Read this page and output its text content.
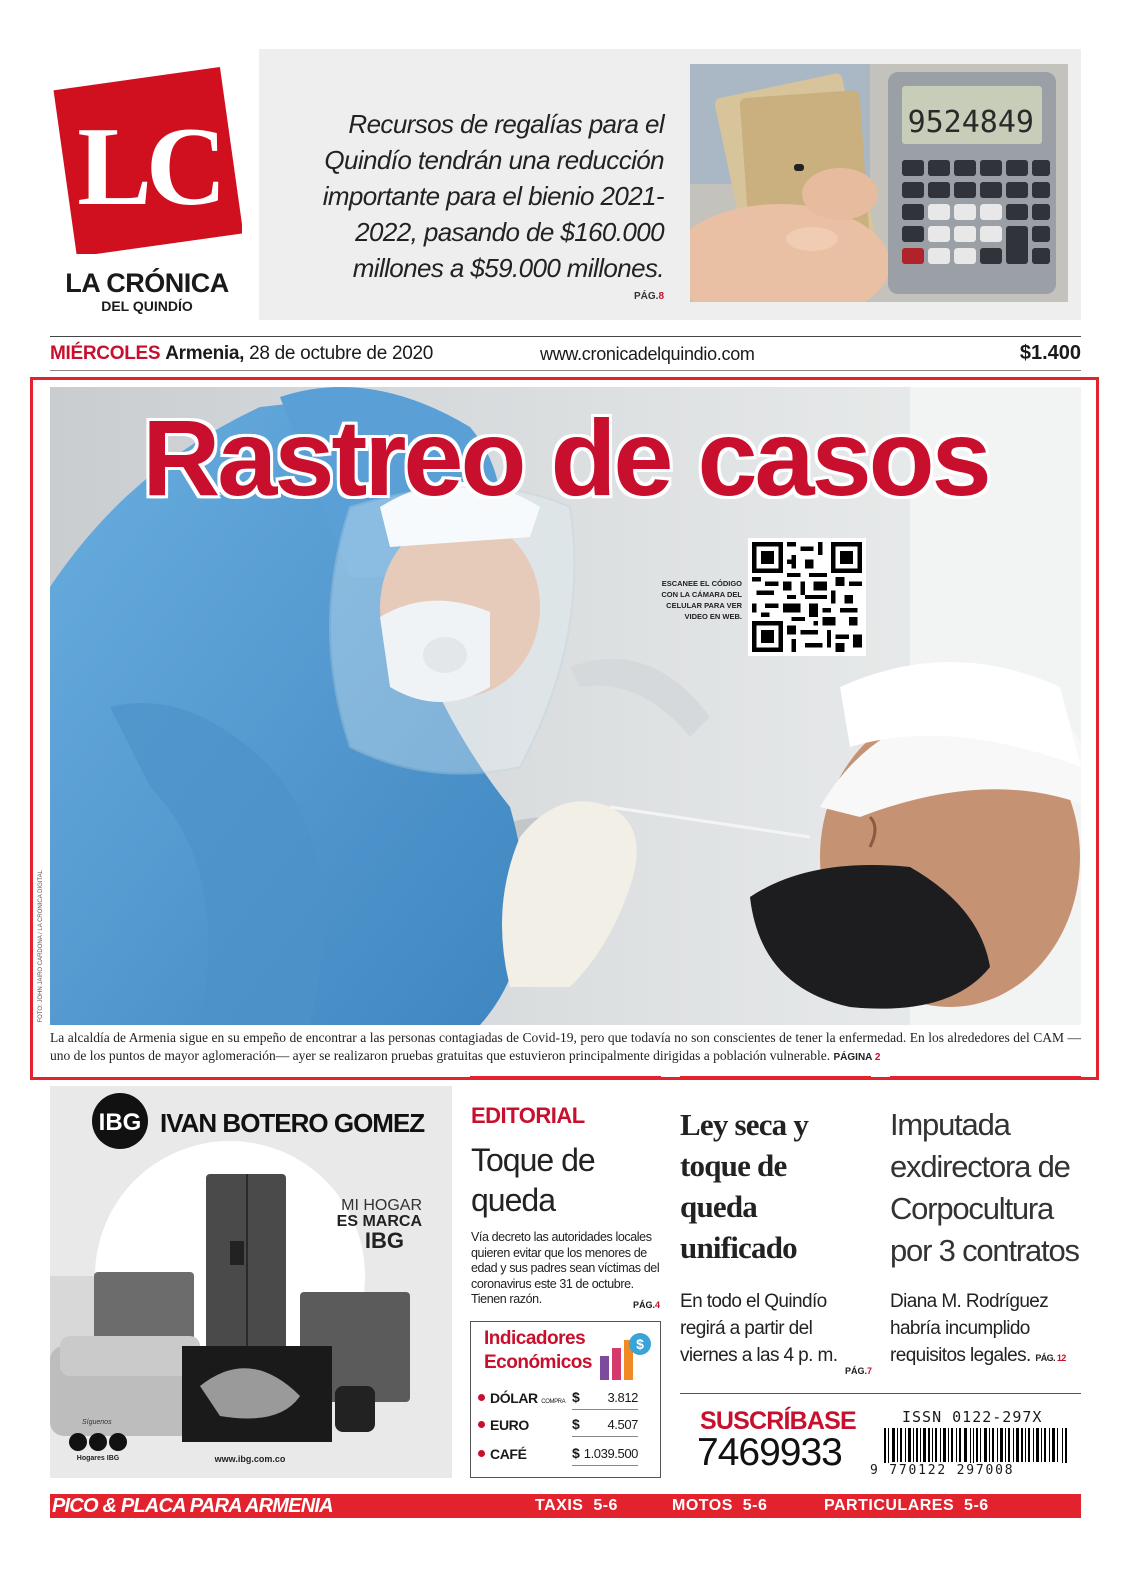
LC
LA CRÓNICA
DEL QUINDÍO
Recursos de regalías para el Quindío tendrán una reducción importante para el bienio 2021-2022, pasando de $160.000 millones a $59.000 millones.
PÁG.8
9524849
MIÉRCOLES Armenia, 28 de octubre de 2020	www.cronicadelquindio.com	$1.400
Rastreo de casos
ESCANEE EL CÓDIGO CON LA CÁMARA DEL CELULAR PARA VER VIDEO EN WEB.
FOTO: JOHN JAIRO CARDONA / LA CRÓNICA DIGITAL
La alcaldía de Armenia sigue en su empeño de encontrar a las personas contagiadas de Covid-19, pero que todavía no son conscientes de tener la enfermedad. En los alrededores del CAM —uno de los puntos de mayor aglomeración— ayer se realizaron pruebas gratuitas que estuvieron principalmente dirigidas a población vulnerable. PÁGINA 2
IBG IVAN BOTERO GOMEZ
MI HOGAR
ES MARCA
IBG
Síguenos
Hogares IBG	www.ibg.com.co
EDITORIAL
Toque de queda
Vía decreto las autoridades locales quieren evitar que los menores de edad y sus padres sean víctimas del coronavirus este 31 de octubre. Tienen razón.	PÁG.4
Indicadores Económicos
$
DÓLAR COMPRA $	3.812
EURO	$	4.507
CAFÉ	$ 1.039.500
Ley seca y toque de queda unificado
En todo el Quindío regirá a partir del viernes a las 4 p. m.
PÁG.7
Imputada exdirectora de Corpocultura por 3 contratos
Diana M. Rodríguez habría incumplido requisitos legales. PÁG. 12
SUSCRÍBASE
7469933
ISSN 0122-297X
9 770122 297008
PICO & PLACA PARA ARMENIA	TAXIS 5-6	MOTOS 5-6	PARTICULARES 5-6
